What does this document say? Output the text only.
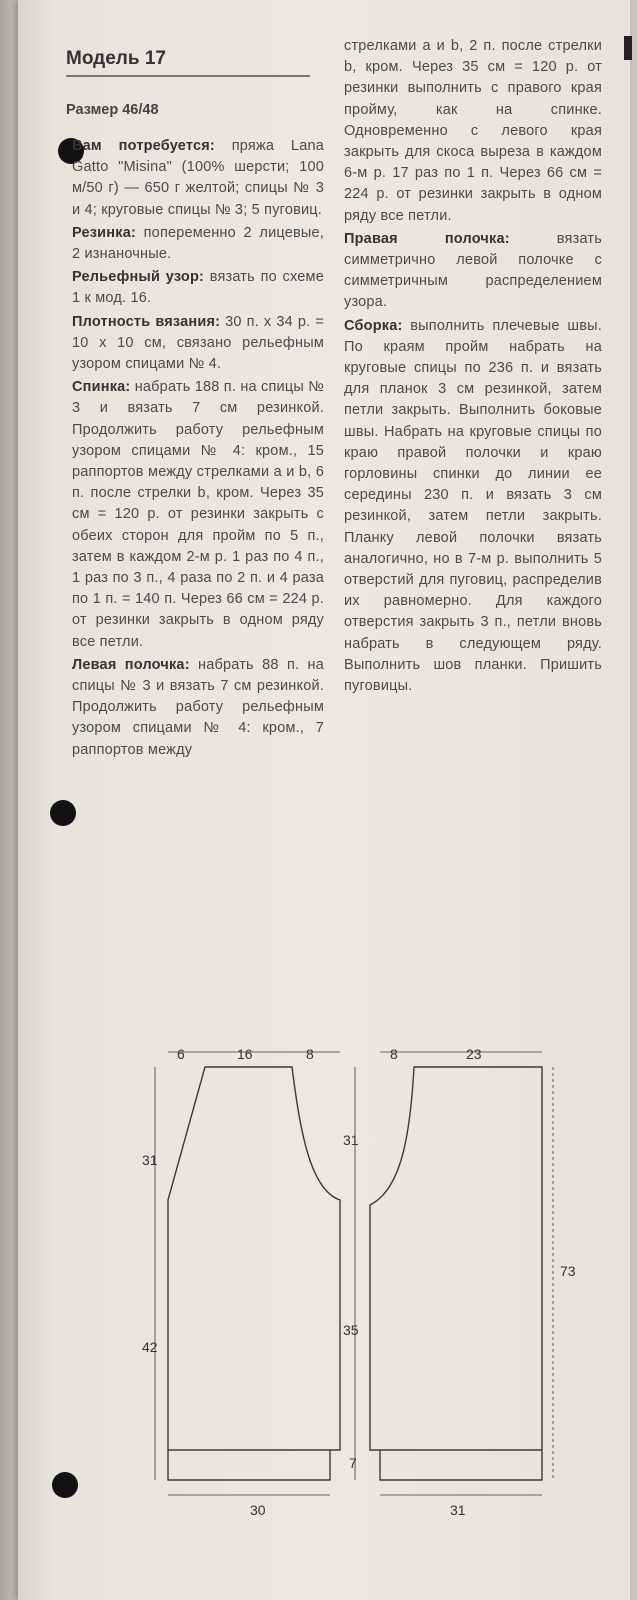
Модель 17
Размер 46/48

Вам потребуется: пряжа Lana Gatto "Misina" (100% шерсти; 100 м/50 г) — 650 г желтой; спицы № 3 и 4; круговые спицы № 3; 5 пуговиц.

Резинка: попеременно 2 лицевые, 2 изнаночные.

Рельефный узор: вязать по схеме 1 к мод. 16.

Плотность вязания: 30 п. х 34 р. = 10 х 10 см, связано рельефным узором спицами № 4.

Спинка: набрать 188 п. на спицы № 3 и вязать 7 см резинкой. Продолжить работу рельефным узором спицами № 4: кром., 15 раппортов между стрелками a и b, 6 п. после стрелки b, кром. Через 35 см = 120 р. от резинки закрыть с обеих сторон для пройм по 5 п., затем в каждом 2-м р. 1 раз по 4 п., 1 раз по 3 п., 4 раза по 2 п. и 4 раза по 1 п. = 140 п. Через 66 см = 224 р. от резинки закрыть в одном ряду все петли.

Левая полочка: набрать 88 п. на спицы № 3 и вязать 7 см резинкой. Продолжить работу рельефным узором спицами № 4: кром., 7 раппортов между

стрелками a и b, 2 п. после стрелки b, кром. Через 35 см = 120 р. от резинки выполнить с правого края пройму, как на спинке. Одновременно с левого края закрыть для скоса выреза в каждом 6-м р. 17 раз по 1 п. Через 66 см = 224 р. от резинки закрыть в одном ряду все петли.

Правая полочка: вязать симметрично левой полочке с симметричным распределением узора.

Сборка: выполнить плечевые швы. По краям пройм набрать на круговые спицы по 236 п. и вязать для планок 3 см резинкой, затем петли закрыть. Выполнить боковые швы. Набрать на круговые спицы по краю правой полочки и краю горловины спинки до линии ее середины 230 п. и вязать 3 см резинкой, затем петли закрыть. Планку левой полочки вязать аналогично, но в 7-м р. выполнить 5 отверстий для пуговиц, распределив их равномерно. Для каждого отверстия закрыть 3 п., петли вновь набрать в следующем ряду. Выполнить шов планки. Пришить пуговицы.

6	16	8
31
42
30
31
35
7
8	23
73
31
